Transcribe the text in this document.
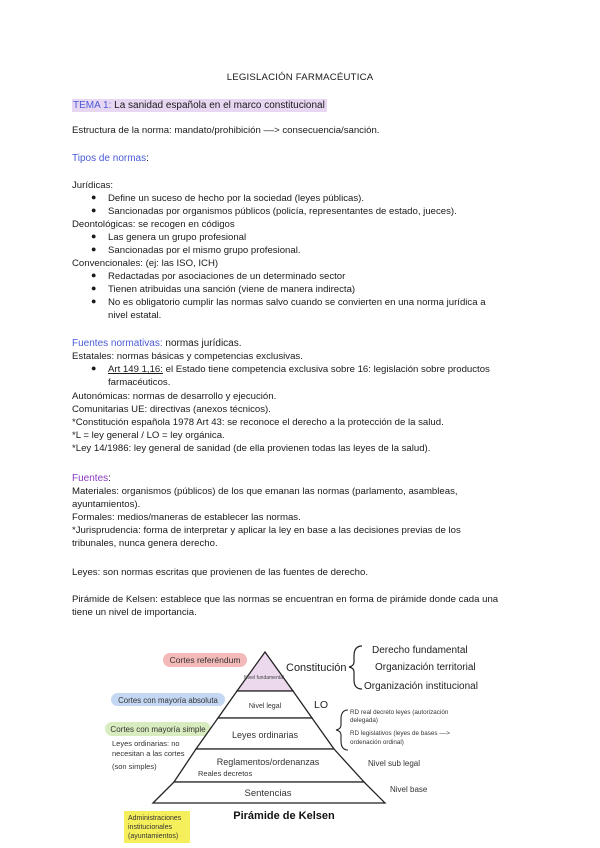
LEGISLACIÓN FARMACÉUTICA
TEMA 1: La sanidad española en el marco constitucional
Estructura de la norma: mandato/prohibición ––> consecuencia/sanción.
Tipos de normas:
Jurídicas:
● Define un suceso de hecho por la sociedad (leyes públicas).
● Sancionadas por organismos públicos (policía, representantes de estado, jueces).
Deontológicas: se recogen en códigos
● Las genera un grupo profesional
● Sancionadas por el mismo grupo profesional.
Convencionales: (ej: las ISO, ICH)
● Redactadas por asociaciones de un determinado sector
● Tienen atribuidas una sanción (viene de manera indirecta)
● No es obligatorio cumplir las normas salvo cuando se convierten en una norma jurídica a
nivel estatal.
Fuentes normativas: normas jurídicas.
Estatales: normas básicas y competencias exclusivas.
● Art 149 1,16: el Estado tiene competencia exclusiva sobre 16: legislación sobre productos
farmacéuticos.
Autonómicas: normas de desarrollo y ejecución.
Comunitarias UE: directivas (anexos técnicos).
*Constitución española 1978 Art 43: se reconoce el derecho a la protección de la salud.
*L = ley general / LO = ley orgánica.
*Ley 14/1986: ley general de sanidad (de ella provienen todas las leyes de la salud).
Fuentes:
Materiales: organismos (públicos) de los que emanan las normas (parlamento, asambleas,
ayuntamientos).
Formales: medios/maneras de establecer las normas.
*Jurisprudencia: forma de interpretar y aplicar la ley en base a las decisiones previas de los
tribunales, nunca genera derecho.
Leyes: son normas escritas que provienen de las fuentes de derecho.
Pirámide de Kelsen: establece que las normas se encuentran en forma de pirámide donde cada una
tiene un nivel de importancia.
Cortes referéndum
Cortes con mayoría absoluta
Cortes con mayoría simple
Leyes ordinarias: no
necesitan a las cortes
(son simples)
Administraciones
institucionales
(ayuntamientos)
Nivel fundamental
Nivel legal
Leyes ordinarias
Reglamentos/ordenanzas
Reales decretos
Sentencias
Constitución
Derecho fundamental
Organización territorial
Organización institucional
LO
RD real decreto leyes (autorización
delegada)
RD legislativos (leyes de bases ––>
ordenación ordinal)
Nivel sub legal
Nivel base
Pirámide de Kelsen
